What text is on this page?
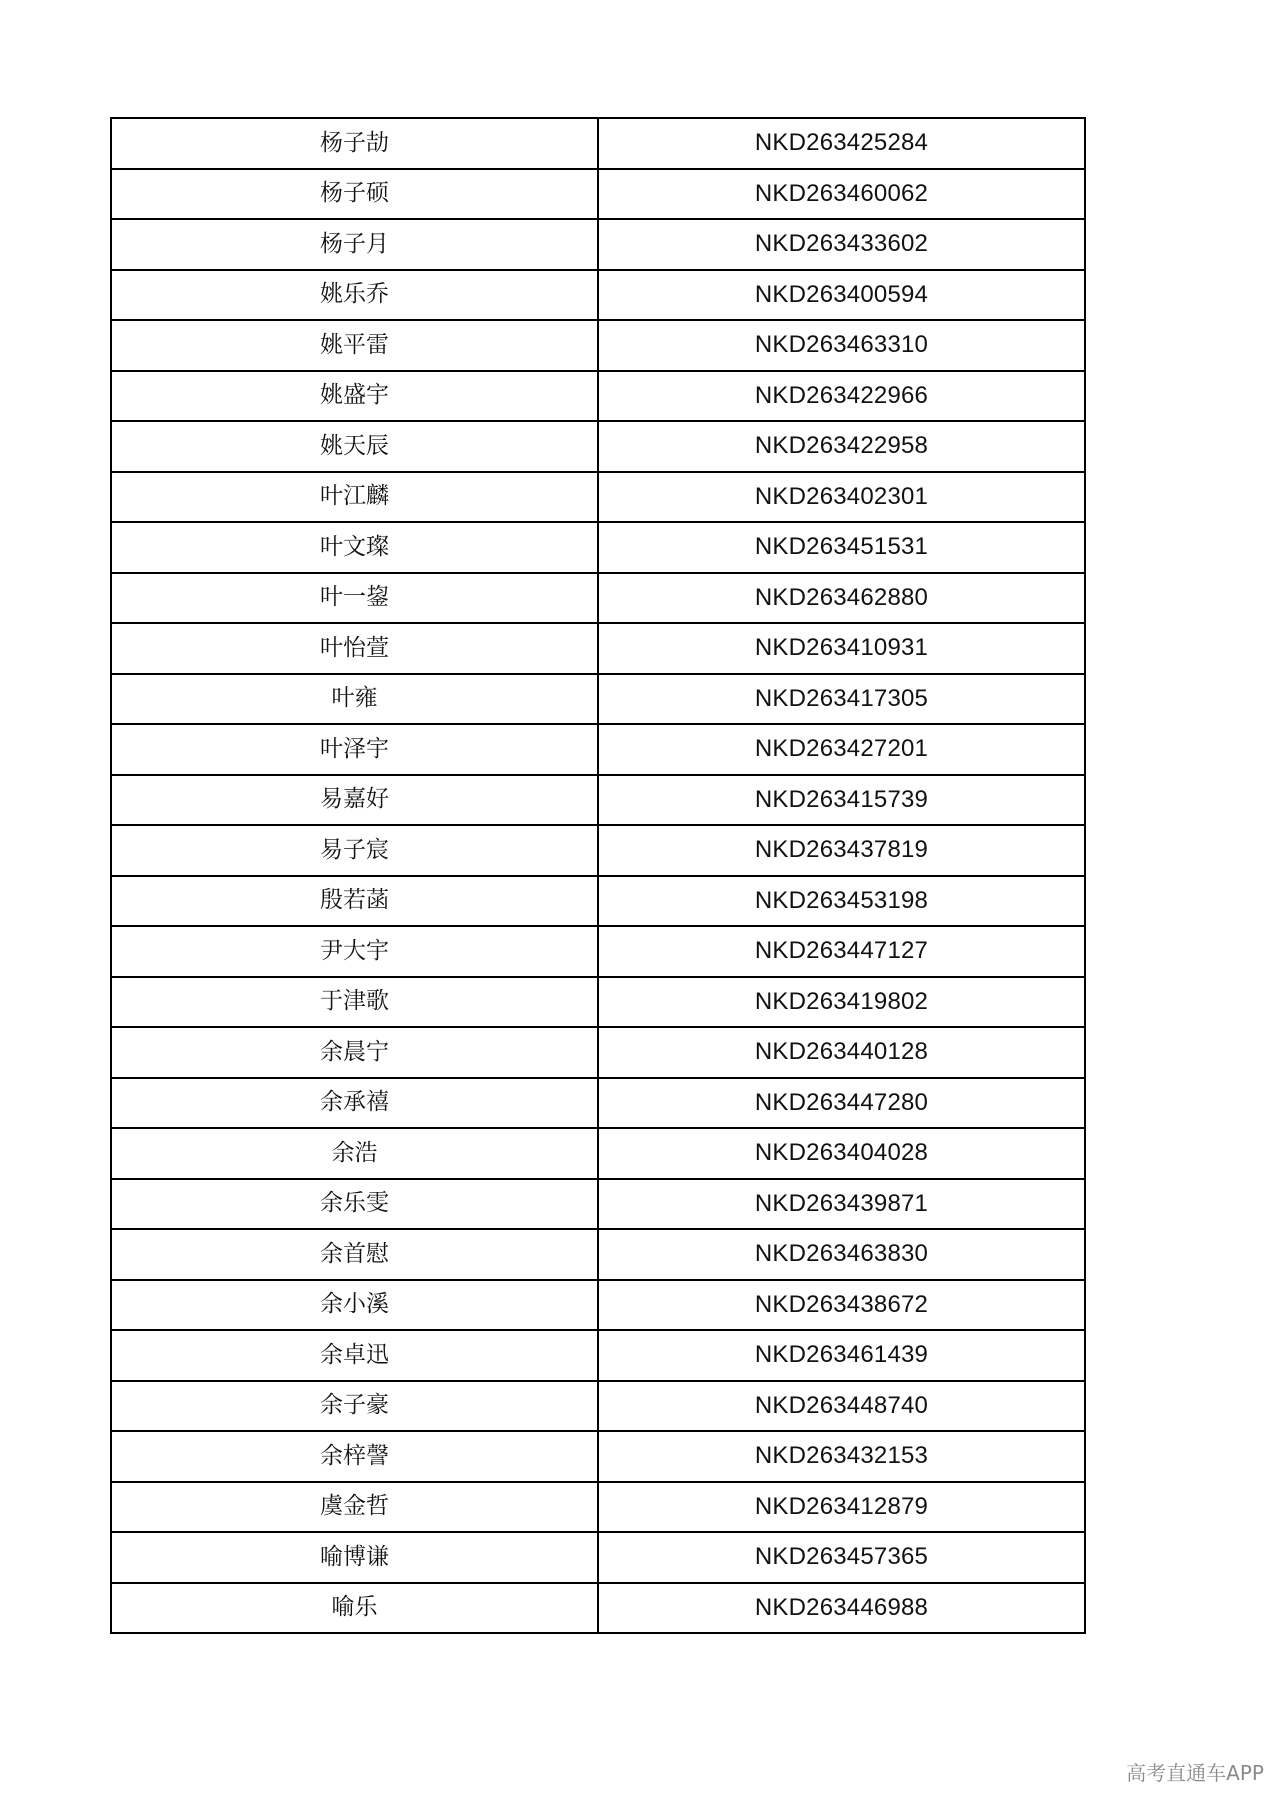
杨子劼	NKD263425284
杨子硕	NKD263460062
杨子月	NKD263433602
姚乐乔	NKD263400594
姚平雷	NKD263463310
姚盛宇	NKD263422966
姚天辰	NKD263422958
叶江麟	NKD263402301
叶文璨	NKD263451531
叶一鋆	NKD263462880
叶怡萱	NKD263410931
叶雍	NKD263417305
叶泽宇	NKD263427201
易嘉好	NKD263415739
易子宸	NKD263437819
殷若菡	NKD263453198
尹大宇	NKD263447127
于津歌	NKD263419802
余晨宁	NKD263440128
余承禧	NKD263447280
余浩	NKD263404028
余乐雯	NKD263439871
余首慰	NKD263463830
余小溪	NKD263438672
余卓迅	NKD263461439
余子豪	NKD263448740
余梓謦	NKD263432153
虞金哲	NKD263412879
喻博谦	NKD263457365
喻乐	NKD263446988
高考直通车APP
